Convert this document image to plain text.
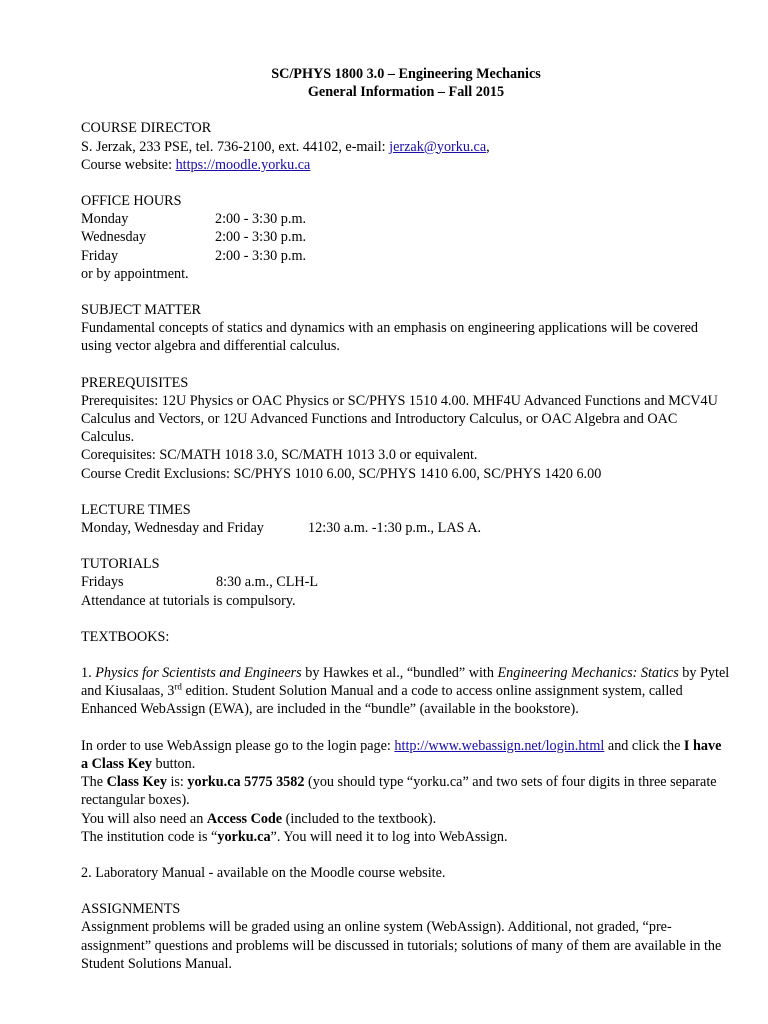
SC/PHYS 1800 3.0 – Engineering Mechanics
General Information – Fall 2015
COURSE DIRECTOR
S. Jerzak, 233 PSE, tel. 736-2100, ext. 44102, e-mail: jerzak@yorku.ca,
Course website: https://moodle.yorku.ca
OFFICE HOURS
Monday	2:00 - 3:30 p.m.
Wednesday	2:00 - 3:30 p.m.
Friday	2:00 - 3:30 p.m.
or by appointment.
SUBJECT MATTER
Fundamental concepts of statics and dynamics with an emphasis on engineering applications will be covered using vector algebra and differential calculus.
PREREQUISITES
Prerequisites: 12U Physics or OAC Physics or SC/PHYS 1510 4.00. MHF4U Advanced Functions and MCV4U Calculus and Vectors, or 12U Advanced Functions and Introductory Calculus, or OAC Algebra and OAC Calculus.
Corequisites: SC/MATH 1018 3.0, SC/MATH 1013 3.0 or equivalent.
Course Credit Exclusions: SC/PHYS 1010 6.00, SC/PHYS 1410 6.00, SC/PHYS 1420 6.00
LECTURE TIMES
Monday, Wednesday and Friday	12:30 a.m. -1:30 p.m., LAS A.
TUTORIALS
Fridays	8:30 a.m., CLH-L
Attendance at tutorials is compulsory.
TEXTBOOKS:
1. Physics for Scientists and Engineers by Hawkes et al., “bundled” with Engineering Mechanics: Statics by Pytel and Kiusalaas, 3rd edition. Student Solution Manual and a code to access online assignment system, called Enhanced WebAssign (EWA), are included in the “bundle” (available in the bookstore).
In order to use WebAssign please go to the login page: http://www.webassign.net/login.html and click the I have a Class Key button.
The Class Key is: yorku.ca 5775 3582 (you should type “yorku.ca” and two sets of four digits in three separate rectangular boxes).
You will also need an Access Code (included to the textbook).
The institution code is “yorku.ca”. You will need it to log into WebAssign.
2. Laboratory Manual - available on the Moodle course website.
ASSIGNMENTS
Assignment problems will be graded using an online system (WebAssign). Additional, not graded, “pre-assignment” questions and problems will be discussed in tutorials; solutions of many of them are available in the Student Solutions Manual.
